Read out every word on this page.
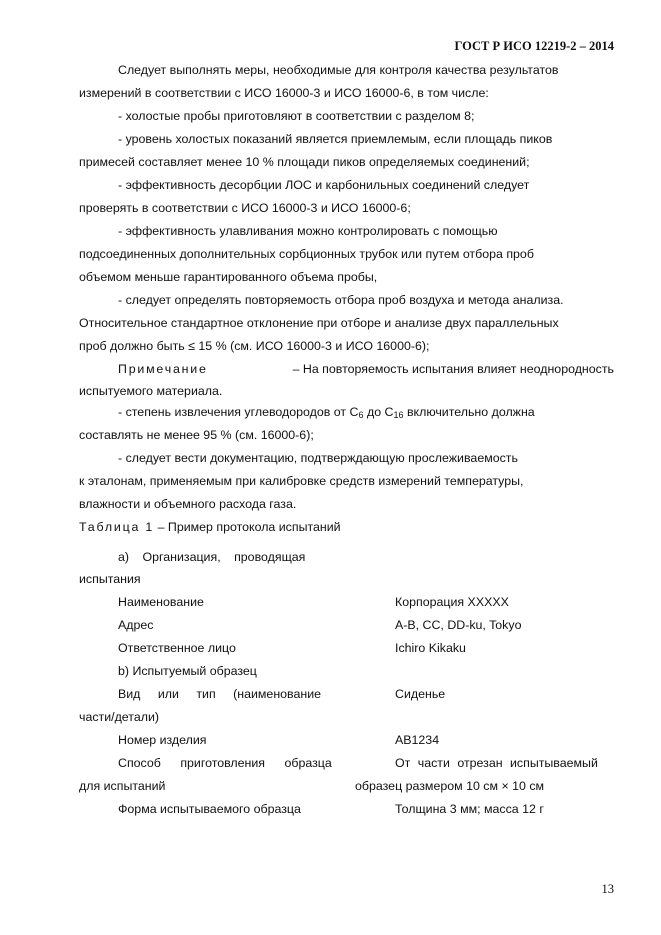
ГОСТ Р ИСО 12219-2 – 2014
Следует выполнять меры, необходимые для контроля качества результатов
измерений в соответствии с ИСО 16000-3 и ИСО 16000-6, в том числе:
- холостые пробы приготовляют в соответствии с разделом 8;
- уровень холостых показаний является приемлемым, если площадь пиков
примесей составляет менее 10 % площади пиков определяемых соединений;
- эффективность десорбции ЛОС и карбонильных соединений следует
проверять в соответствии с ИСО 16000-3 и ИСО 16000-6;
- эффективность улавливания можно контролировать с помощью
подсоединенных дополнительных сорбционных трубок или путем отбора проб
объемом меньше гарантированного объема пробы,
- следует определять повторяемость отбора проб воздуха и метода анализа.
Относительное стандартное отклонение при отборе и анализе двух параллельных
проб должно быть ≤ 15 % (см. ИСО 16000-3 и ИСО 16000-6);
Примечание	– На повторяемость испытания влияет неоднородность
испытуемого материала.
- степень извлечения углеводородов от $С_6$ до $С_{16}$ включительно должна
составлять не менее 95 % (см. 16000-6);
- следует вести документацию, подтверждающую прослеживаемость
к эталонам, применяемым при калибровке средств измерений температуры,
влажности и объемного расхода газа.
Таблица 1 – Пример протокола испытаний
a) Организация, проводящая
испытания
Наименование	Корпорация XXXXX
Адрес	A-B, CC, DD-ku, Tokyo
Ответственное лицо	Ichiro Kikaku
b) Испытуемый образец
Вид или тип (наименование	Сиденье
части/детали)
Номер изделия	AB1234
Способ приготовления образца	От части отрезан испытываемый
для испытаний	образец размером 10 см × 10 см
Форма испытываемого образца	Толщина 3 мм; масса 12 г
13
